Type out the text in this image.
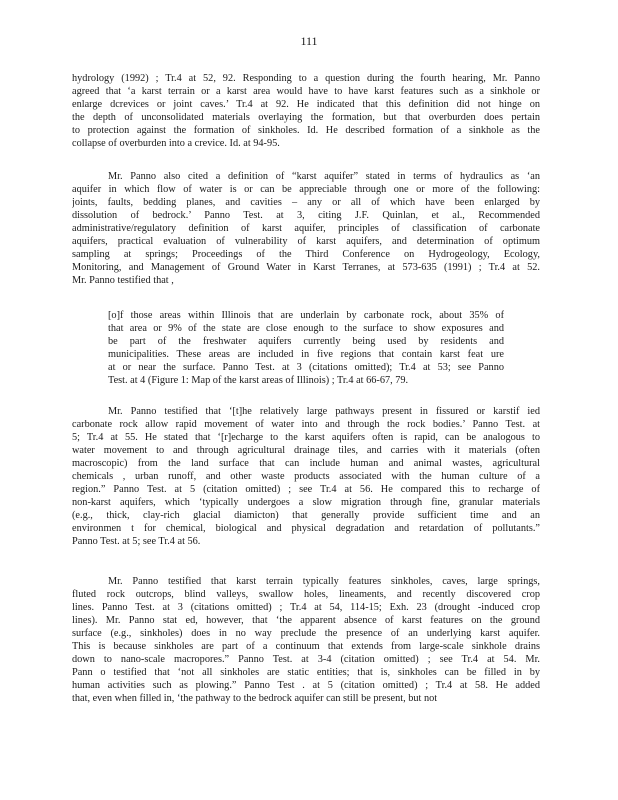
111
hydrology (1992) ; Tr.4 at 52, 92. Responding to a question during the fourth hearing, Mr. Panno
agreed that ‘a karst terrain or a karst area would have to have karst features such as a sinkhole or
enlarge dcrevices or joint caves.’ Tr.4 at 92. He indicated that this definition did not hinge on
the depth of unconsolidated materials overlaying the formation, but that overburden does pertain
to protection against the formation of sinkholes. Id. He described formation of a sinkhole as the
collapse of overburden into a crevice. Id. at 94-95.
Mr. Panno also cited a definition of “karst aquifer” stated in terms of hydraulics as ‘an
aquifer in which flow of water is or can be appreciable through one or more of the following:
joints, faults, bedding planes, and cavities – any or all of which have been enlarged by
dissolution of bedrock.’ Panno Test. at 3, citing J.F. Quinlan, et al., Recommended
administrative/regulatory definition of karst aquifer, principles of classification of carbonate
aquifers, practical evaluation of vulnerability of karst aquifers, and determination of optimum
sampling at springs; Proceedings of the Third Conference on Hydrogeology, Ecology,
Monitoring, and Management of Ground Water in Karst Terranes, at 573-635 (1991) ; Tr.4 at 52.
Mr. Panno testified that ,
[o]f those areas within Illinois that are underlain by carbonate rock, about 35% of
that area or 9% of the state are close enough to the surface to show exposures and
be part of the freshwater aquifers currently being used by residents and
municipalities. These areas are included in five regions that contain karst feat ure
at or near the surface. Panno Test. at 3 (citations omitted); Tr.4 at 53; see Panno
Test. at 4 (Figure 1: Map of the karst areas of Illinois) ; Tr.4 at 66-67, 79.
Mr. Panno testified that ‘[t]he relatively large pathways present in fissured or karstif ied
carbonate rock allow rapid movement of water into and through the rock bodies.’ Panno Test. at
5; Tr.4 at 55. He stated that ‘[r]echarge to the karst aquifers often is rapid, can be analogous to
water movement to and through agricultural drainage tiles, and carries with it materials (often
macroscopic) from the land surface that can include human and animal wastes, agricultural
chemicals , urban runoff, and other waste products associated with the human culture of a
region.” Panno Test. at 5 (citation omitted) ; see Tr.4 at 56. He compared this to recharge of
non-karst aquifers, which ‘typically undergoes a slow migration through fine, granular materials
(e.g., thick, clay-rich glacial diamicton) that generally provide sufficient time and an
environmen t for chemical, biological and physical degradation and retardation of pollutants.”
Panno Test. at 5; see Tr.4 at 56.
Mr. Panno testified that karst terrain typically features sinkholes, caves, large springs,
fluted rock outcrops, blind valleys, swallow holes, lineaments, and recently discovered crop
lines. Panno Test. at 3 (citations omitted) ; Tr.4 at 54, 114-15; Exh. 23 (drought -induced crop
lines). Mr. Panno stat ed, however, that ‘the apparent absence of karst features on the ground
surface (e.g., sinkholes) does in no way preclude the presence of an underlying karst aquifer.
This is because sinkholes are part of a continuum that extends from large-scale sinkhole drains
down to nano-scale macropores.” Panno Test. at 3-4 (citation omitted) ; see Tr.4 at 54. Mr.
Pann o testified that ‘not all sinkholes are static entities; that is, sinkholes can be filled in by
human activities such as plowing.” Panno Test . at 5 (citation omitted) ; Tr.4 at 58. He added
that, even when filled in, ‘the pathway to the bedrock aquifer can still be present, but not
